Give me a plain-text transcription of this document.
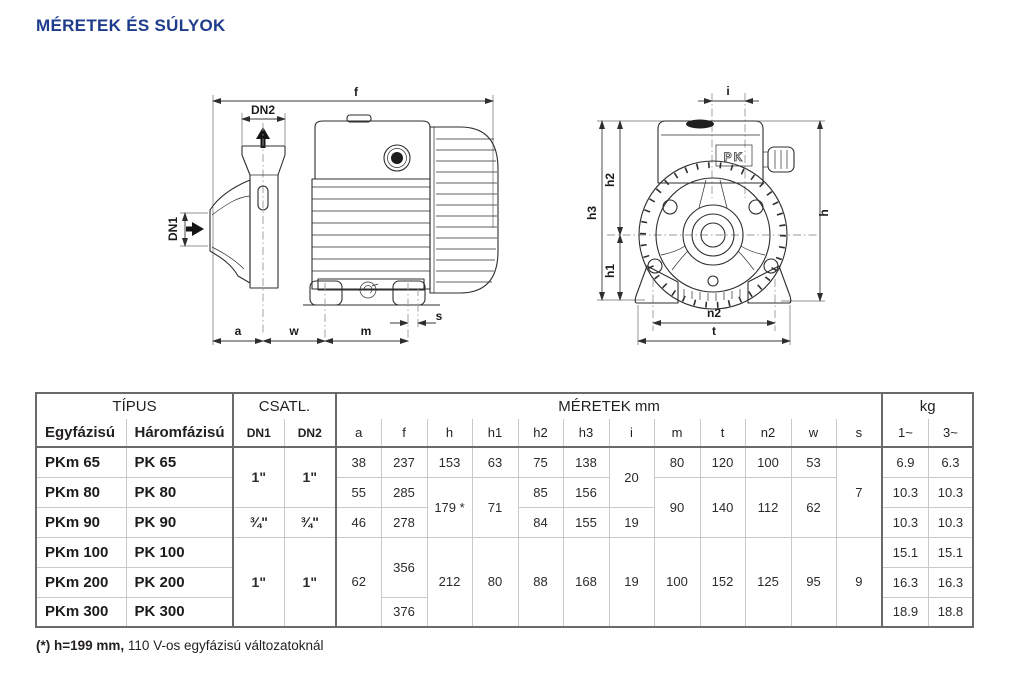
MÉRETEK ÉS SÚLYOK
f
DN2
DN1
a	w	m
s
i
h3
h2
h1
h
PK
n2
t
TÍPUS		CSATL.		MÉRETEK mm												kg	
Egyfázisú	Háromfázisú	DN1	DN2	a	f	h	h1	h2	h3	i	m	t	n2	w	s	1~	3~
PKm 65	PK 65	1"	1"	38	237	153	63	75	138	20	80	120	100	53	7	6.9	6.3
PKm 80	PK 80			55	285	179 *	71	85	156		90	140	112	62		10.3	10.3
PKm 90	PK 90	¾"	¾"	46	278			84	155	19						10.3	10.3
PKm 100	PK 100	1"	1"	62	356	212	80	88	168	19	100	152	125	95	9	15.1	15.1
PKm 200	PK 200															16.3	16.3
PKm 300	PK 300				376											18.9	18.8
(*) h=199 mm, 110 V-os egyfázisú változatoknál
